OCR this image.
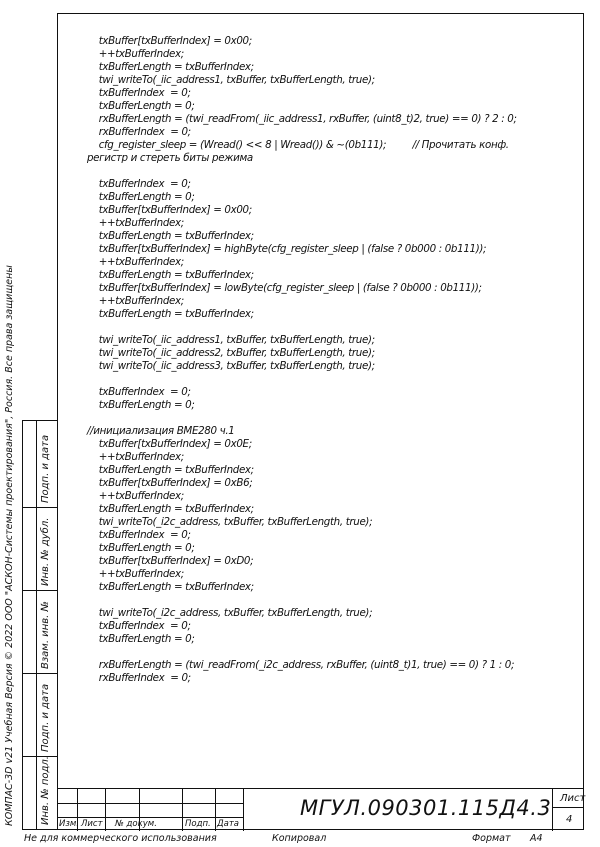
Подп. и дата
Инв. № дубл.
Взам. инв. №
Подп. и дата
Инв. № подл.
КОМПАС-3D v21 Учебная Версия © 2022 ООО "АСКОН-Системы проектирования", Россия. Все права защищены
txBuffer[txBufferIndex] = 0x00;
++txBufferIndex;
txBufferLength = txBufferIndex;
twi_writeTo(_iic_address1, txBuffer, txBufferLength, true);
txBufferIndex  = 0;
txBufferLength = 0;
rxBufferLength = (twi_readFrom(_iic_address1, rxBuffer, (uint8_t)2, true) == 0) ? 2 : 0;
rxBufferIndex  = 0;
cfg_register_sleep = (Wread() << 8 | Wread()) & ~(0b111);         // Прочитать конф.
регистр и стереть биты режима
txBufferIndex  = 0;
txBufferLength = 0;
txBuffer[txBufferIndex] = 0x00;
++txBufferIndex;
txBufferLength = txBufferIndex;
txBuffer[txBufferIndex] = highByte(cfg_register_sleep | (false ? 0b000 : 0b111));
++txBufferIndex;
txBufferLength = txBufferIndex;
txBuffer[txBufferIndex] = lowByte(cfg_register_sleep | (false ? 0b000 : 0b111));
++txBufferIndex;
txBufferLength = txBufferIndex;
twi_writeTo(_iic_address1, txBuffer, txBufferLength, true);
twi_writeTo(_iic_address2, txBuffer, txBufferLength, true);
twi_writeTo(_iic_address3, txBuffer, txBufferLength, true);
txBufferIndex  = 0;
txBufferLength = 0;
//инициализация BME280 ч.1
txBuffer[txBufferIndex] = 0x0E;
++txBufferIndex;
txBufferLength = txBufferIndex;
txBuffer[txBufferIndex] = 0xB6;
++txBufferIndex;
txBufferLength = txBufferIndex;
twi_writeTo(_i2c_address, txBuffer, txBufferLength, true);
txBufferIndex  = 0;
txBufferLength = 0;
txBuffer[txBufferIndex] = 0xD0;
++txBufferIndex;
txBufferLength = txBufferIndex;
twi_writeTo(_i2c_address, txBuffer, txBufferLength, true);
txBufferIndex  = 0;
txBufferLength = 0;
rxBufferLength = (twi_readFrom(_i2c_address, rxBuffer, (uint8_t)1, true) == 0) ? 1 : 0;
rxBufferIndex  = 0;
Изм. Лист № докум.	Подп. Дата
МГУЛ.090301.115Д4.3 Лист
4
Не для коммерческого использования	Копировал	Формат А4
